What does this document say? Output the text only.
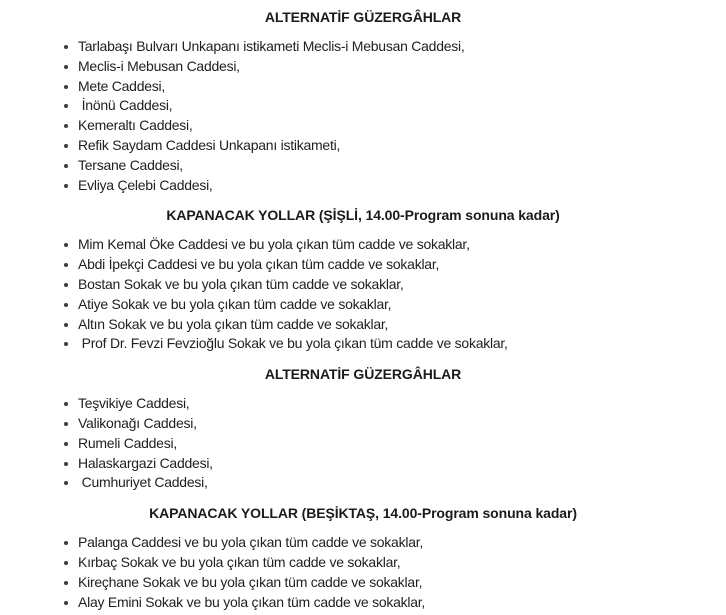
ALTERNATİF GÜZERGÂHLAR
Tarlabaşı Bulvarı Unkapanı istikameti Meclis-i Mebusan Caddesi,
Meclis-i Mebusan Caddesi,
Mete Caddesi,
İnönü Caddesi,
Kemeraltı Caddesi,
Refik Saydam Caddesi Unkapanı istikameti,
Tersane Caddesi,
Evliya Çelebi Caddesi,
KAPANACAK YOLLAR (ŞİŞLİ, 14.00-Program sonuna kadar)
Mim Kemal Öke Caddesi ve bu yola çıkan tüm cadde ve sokaklar,
Abdi İpekçi Caddesi ve bu yola çıkan tüm cadde ve sokaklar,
Bostan Sokak ve bu yola çıkan tüm cadde ve sokaklar,
Atiye Sokak ve bu yola çıkan tüm cadde ve sokaklar,
Altın Sokak ve bu yola çıkan tüm cadde ve sokaklar,
Prof Dr. Fevzi Fevzioğlu Sokak ve bu yola çıkan tüm cadde ve sokaklar,
ALTERNATİF GÜZERGÂHLAR
Teşvikiye Caddesi,
Valikonağı Caddesi,
Rumeli Caddesi,
Halaskargazi Caddesi,
Cumhuriyet Caddesi,
KAPANACAK YOLLAR (BEŞİKTAŞ, 14.00-Program sonuna kadar)
Palanga Caddesi ve bu yola çıkan tüm cadde ve sokaklar,
Kırbaç Sokak ve bu yola çıkan tüm cadde ve sokaklar,
Kireçhane Sokak ve bu yola çıkan tüm cadde ve sokaklar,
Alay Emini Sokak ve bu yola çıkan tüm cadde ve sokaklar,
